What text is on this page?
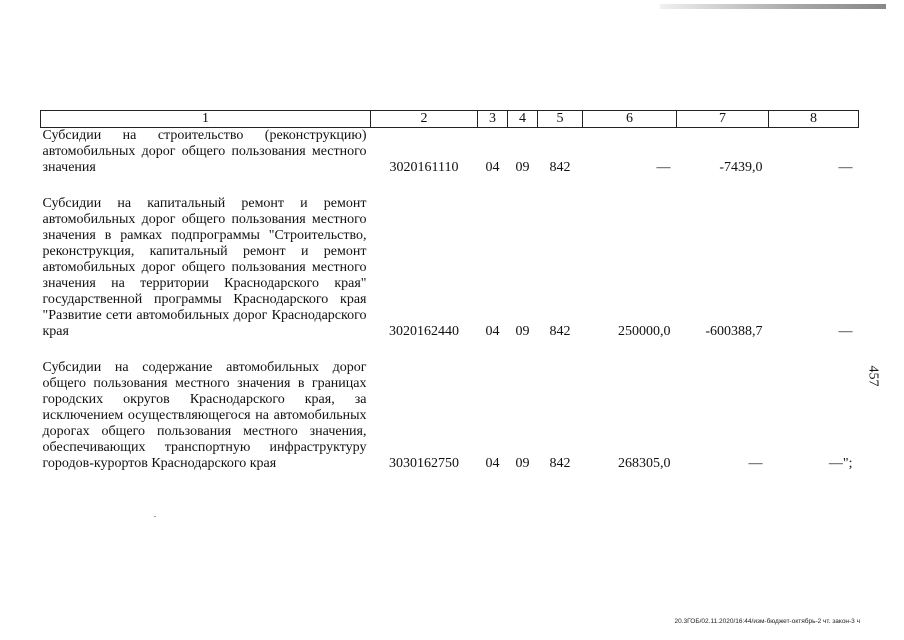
1	2	3	4	5	6	7	8
Субсидии на строительство (реконструкцию) автомобильных дорог общего пользования местного значения	3020161110	04	09	842	—	-7439,0	—

Субсидии на капитальный ремонт и ремонт автомобильных дорог общего пользования местного значения в рамках подпрограммы "Строительство, реконструкция, капитальный ремонт и ремонт автомобильных дорог общего пользования местного значения на территории Краснодарского края" государственной программы Краснодарского края "Развитие сети автомобильных дорог Краснодарского края	3020162440	04	09	842	250000,0	-600388,7	—

Субсидии на содержание автомобильных дорог общего пользования местного значения в границах городских округов Краснодарского края, за исключением осуществляющегося на автомобильных дорогах общего пользования местного значения, обеспечивающих транспортную инфраструктуру городов-курортов Краснодарского края	3030162750	04	09	842	268305,0	—	—";
457
20.3ГОБ/02.11.2020/16:44/изм-бюджет-октябрь-2 чт. закон-3 ч
